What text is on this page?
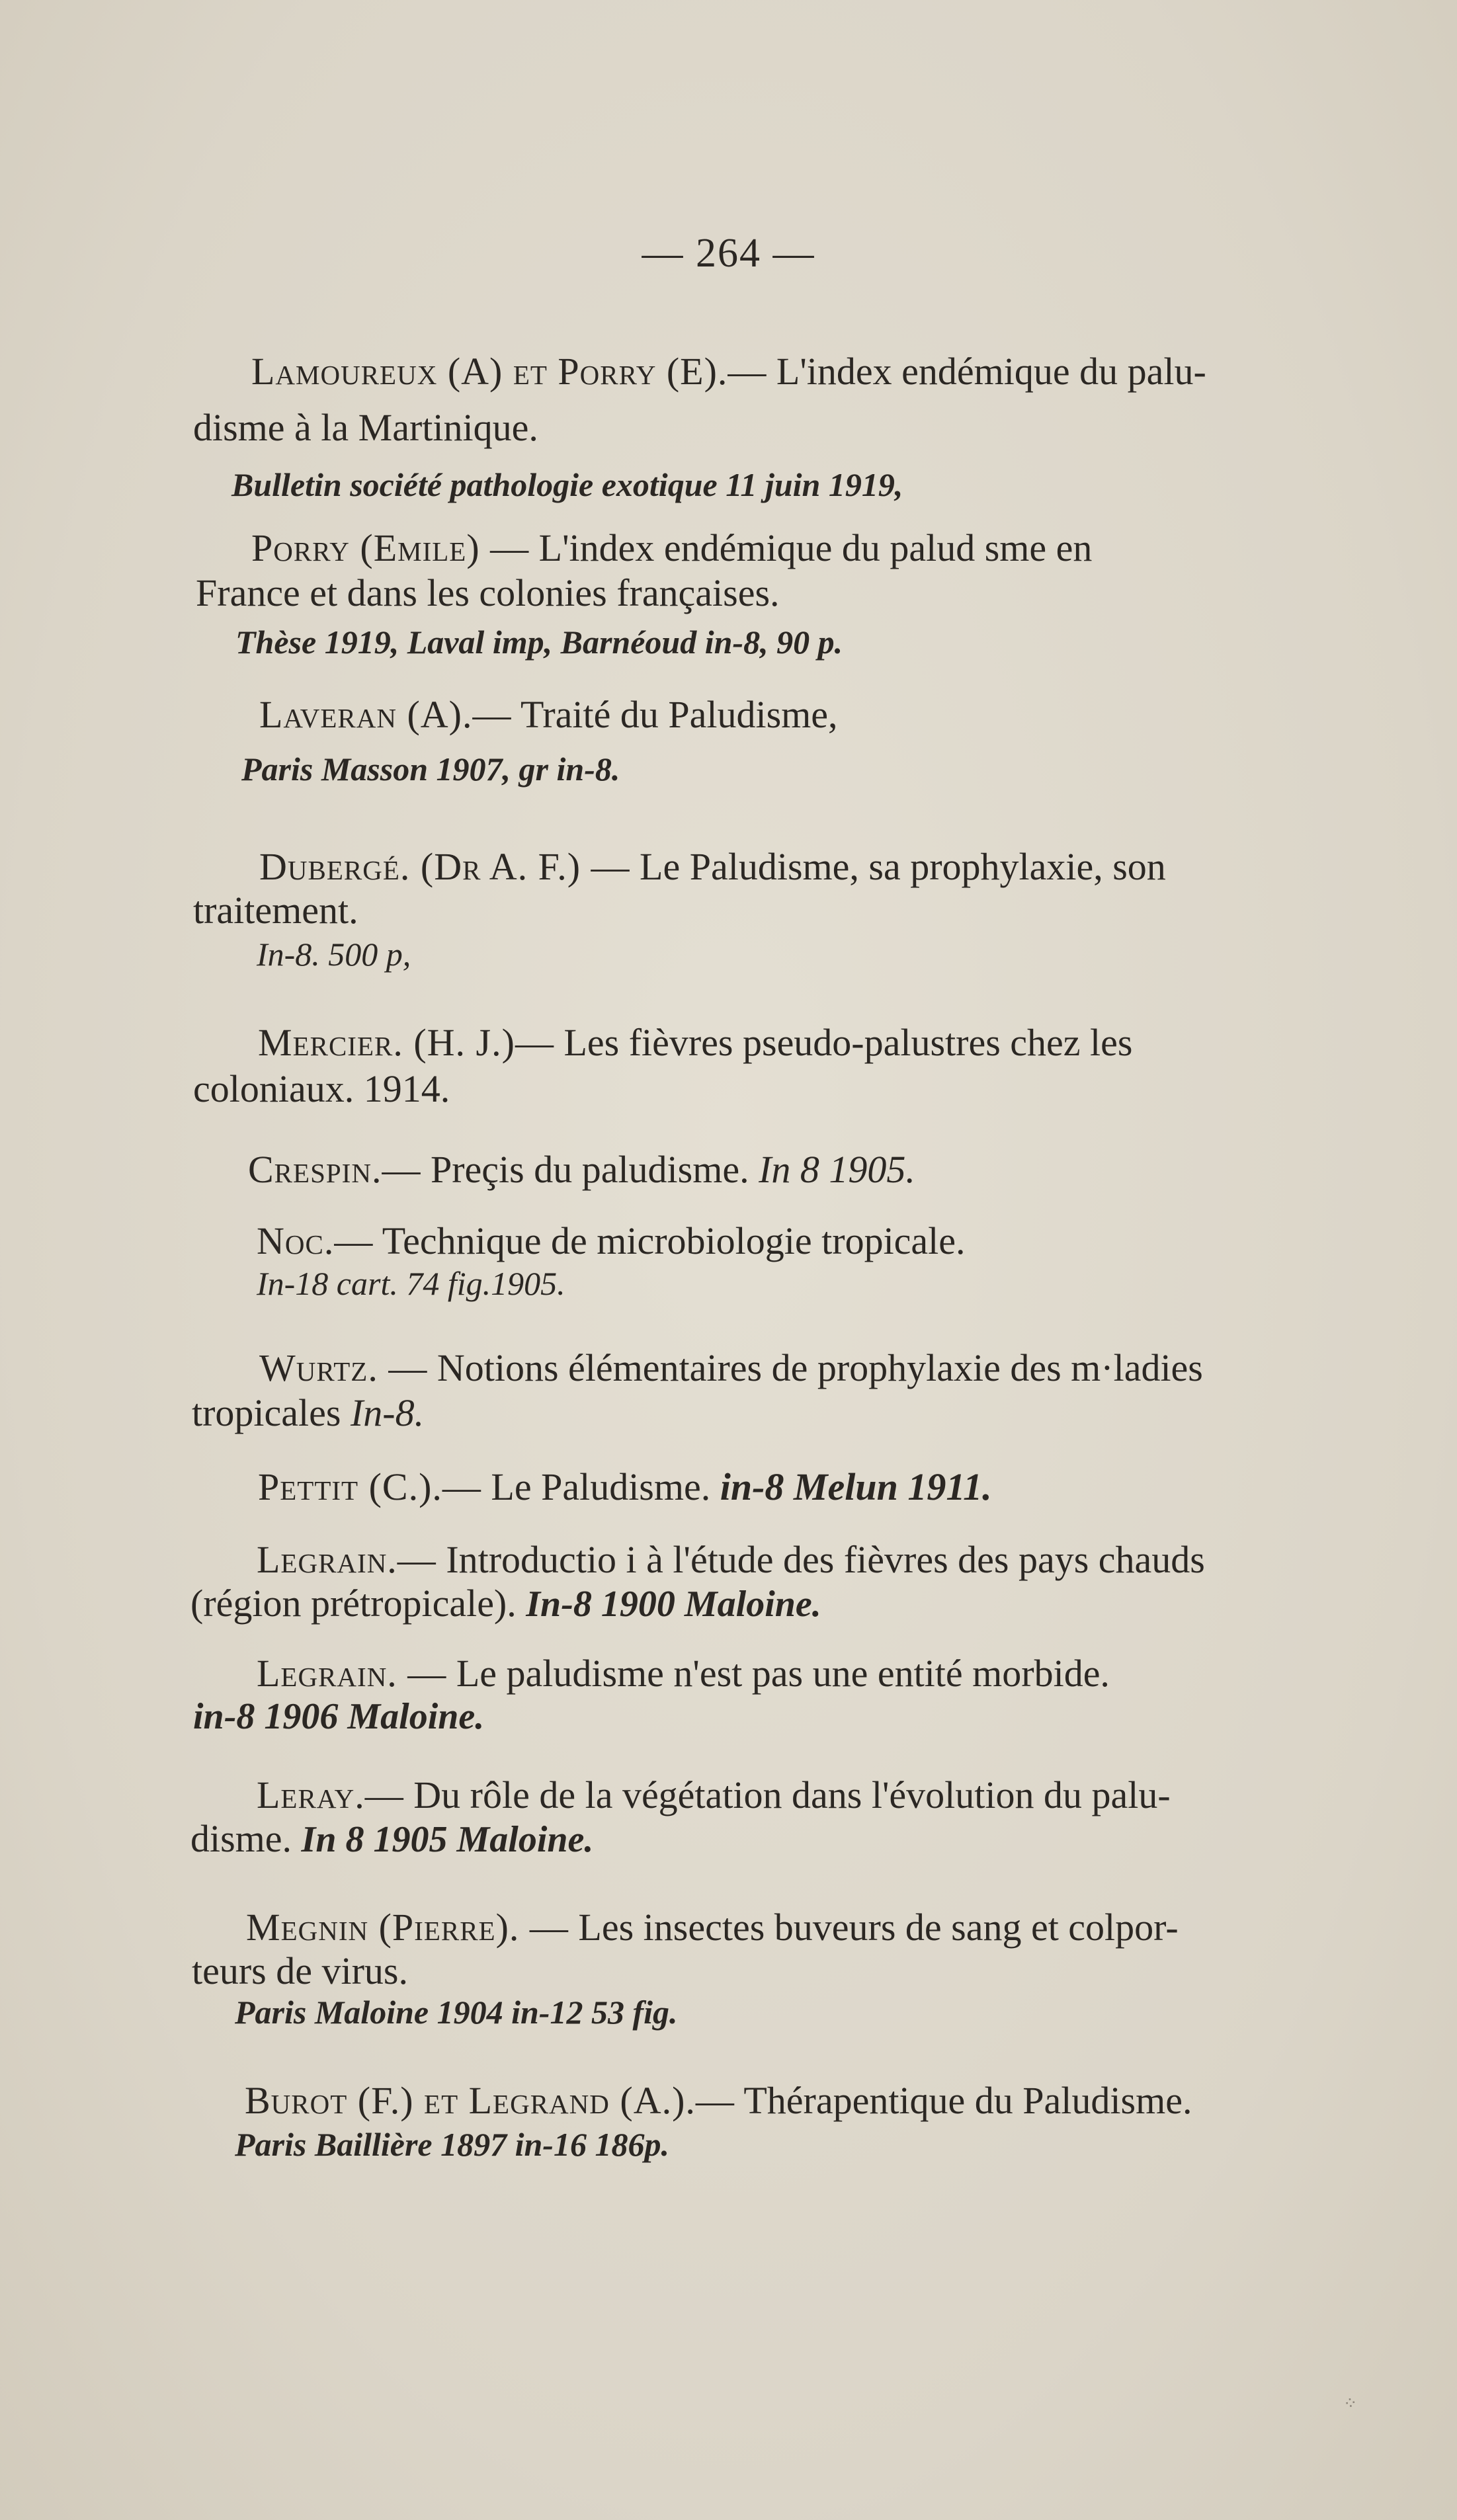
— 264 —
Lamoureux (A) et Porry (E).— L'index endémique du palu-
disme à la Martinique.
Bulletin société pathologie exotique 11 juin 1919,
Porry (Emile) — L'index endémique du palud sme en
France et dans les colonies françaises.
Thèse 1919, Laval imp, Barnéoud in-8, 90 p.
Laveran (A).— Traité du Paludisme,
Paris Masson 1907, gr in-8.
Dubergé. (Dr A. F.) — Le Paludisme, sa prophylaxie, son
traitement.
In-8. 500 p,
Mercier. (H. J.)— Les fièvres pseudo-palustres chez les
coloniaux. 1914.
Crespin.— Preçis du paludisme. In 8 1905.
Noc.— Technique de microbiologie tropicale.
In-18 cart. 74 fig.1905.
Wurtz. — Notions élémentaires de prophylaxie des m·ladies
tropicales In-8.
Pettit (C.).— Le Paludisme. in-8 Melun 1911.
Legrain.— Introductio i à l'étude des fièvres des pays chauds
(région prétropicale). In-8 1900 Maloine.
Legrain. — Le paludisme n'est pas une entité morbide.
in-8 1906 Maloine.
Leray.— Du rôle de la végétation dans l'évolution du palu-
disme. In 8 1905 Maloine.
Megnin (Pierre). — Les insectes buveurs de sang et colpor-
teurs de virus.
Paris Maloine 1904 in-12 53 fig.
Burot (F.) et Legrand (A.).— Thérapentique du Paludisme.
Paris Baillière 1897 in-16 186p.
⁘
